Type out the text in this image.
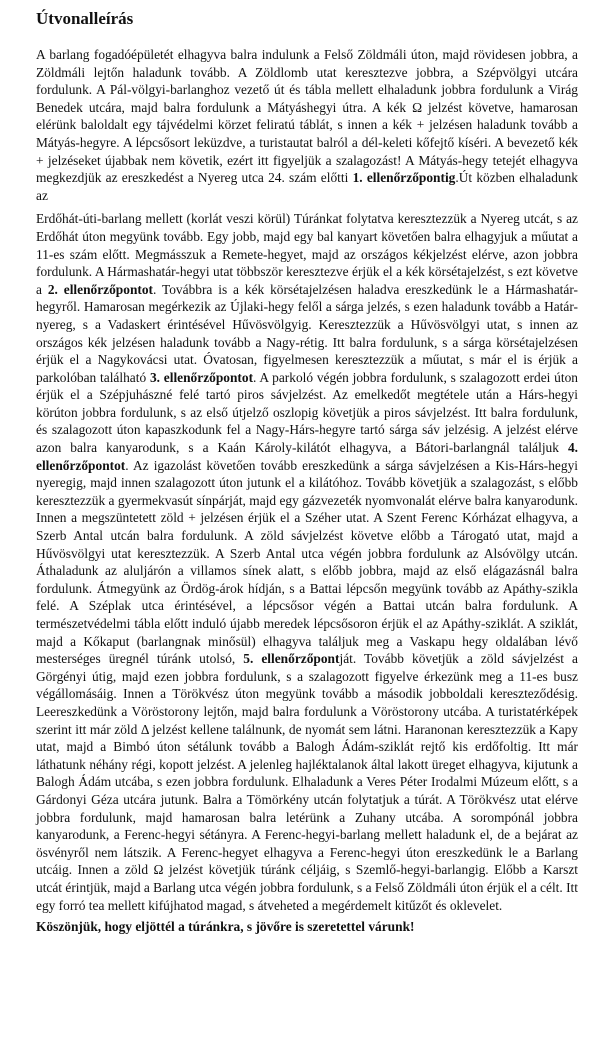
Útvonalleírás

A barlang fogadóépületét elhagyva balra indulunk a Felső Zöldmáli úton, majd rövidesen jobbra, a Zöldmáli lejtőn haladunk tovább. A Zöldlomb utat keresztezve jobbra, a Szépvölgyi utcára fordulunk. A Pál-völgyi-barlanghoz vezető út és tábla mellett elhaladunk jobbra fordulunk a Virág Benedek utcára, majd balra fordulunk a Mátyáshegyi útra. A kék Ω jelzést követve, hamarosan elérünk baloldalt egy tájvédelmi körzet feliratú táblát, s innen a kék + jelzésen haladunk tovább a Mátyás-hegyre. A lépcsősort leküzdve, a turistautat balról a dél-keleti kőfejtő kíséri. A bevezető kék + jelzéseket újabbak nem követik, ezért itt figyeljük a szalagozást! A Mátyás-hegy tetejét elhagyva megkezdjük az ereszkedést a Nyereg utca 24. szám előtti 1. ellenőrzőpontig.Út közben elhaladunk az

Erdőhát-úti-barlang mellett (korlát veszi körül) Túránkat folytatva keresztezzük a Nyereg utcát, s az Erdőhát úton megyünk tovább. Egy jobb, majd egy bal kanyart követően balra elhagyjuk a műutat a 11-es szám előtt. Megmásszuk a Remete-hegyet, majd az országos kékjelzést elérve, azon jobbra fordulunk. A Hármashatár-hegyi utat többször keresztezve érjük el a kék körsétajelzést, s ezt követve a 2. ellenőrzőpontot. Továbbra is a kék körsétajelzésen haladva ereszkedünk le a Hármashatár-hegyről. Hamarosan megérkezik az Újlaki-hegy felől a sárga jelzés, s ezen haladunk tovább a Határ-nyereg, s a Vadaskert érintésével Hűvösvölgyig. Keresztezzük a Hűvösvölgyi utat, s innen az országos kék jelzésen haladunk tovább a Nagy-rétig. Itt balra fordulunk, s a sárga körsétajelzésen érjük el a Nagykovácsi utat. Óvatosan, figyelmesen keresztezzük a műutat, s már el is érjük a parkolóban található 3. ellenőrzőpontot. A parkoló végén jobbra fordulunk, s szalagozott erdei úton érjük el a Szépjuhászné felé tartó piros sávjelzést. Az emelkedőt megtétele után a Hárs-hegyi körúton jobbra fordulunk, s az első útjelző oszlopig követjük a piros sávjelzést. Itt balra fordulunk, és szalagozott úton kapaszkodunk fel a Nagy-Hárs-hegyre tartó sárga sáv jelzésig. A jelzést elérve azon balra kanyarodunk, s a Kaán Károly-kilátót elhagyva, a Bátori-barlangnál találjuk 4. ellenőrzőpontot. Az igazolást követően tovább ereszkedünk a sárga sávjelzésen a Kis-Hárs-hegyi nyeregig, majd innen szalagozott úton jutunk el a kilátóhoz. Tovább követjük a szalagozást, s előbb keresztezzük a gyermekvasút sínpárját, majd egy gázvezeték nyomvonalát elérve balra kanyarodunk. Innen a megszüntetett zöld + jelzésen érjük el a Széher utat. A Szent Ferenc Kórházat elhagyva, a Szerb Antal utcán balra fordulunk. A zöld sávjelzést követve előbb a Tárogató utat, majd a Hűvösvölgyi utat keresztezzük. A Szerb Antal utca végén jobbra fordulunk az Alsóvölgy utcán. Áthaladunk az aluljárón a villamos sínek alatt, s előbb jobbra, majd az első elágazásnál balra fordulunk. Átmegyünk az Ördög-árok hídján, s a Battai lépcsőn megyünk tovább az Apáthy-szikla felé. A Széplak utca érintésével, a lépcsősor végén a Battai utcán balra fordulunk. A természetvédelmi tábla előtt induló újabb meredek lépcsősoron érjük el az Apáthy-sziklát. A sziklát, majd a Kőkaput (barlangnak minősül) elhagyva találjuk meg a Vaskapu hegy oldalában lévő mesterséges üregnél túránk utolsó, 5. ellenőrzőpontját. Tovább követjük a zöld sávjelzést a Görgényi útig, majd ezen jobbra fordulunk, s a szalagozott figyelve érkezünk meg a 11-es busz végállomásáig. Innen a Törökvész úton megyünk tovább a második jobboldali kereszteződésig. Leereszkedünk a Vöröstorony lejtőn, majd balra fordulunk a Vöröstorony utcába. A turistatérképek szerint itt már zöld Δ jelzést kellene találnunk, de nyomát sem látni. Haranonan keresztezzük a Kapy utat, majd a Bimbó úton sétálunk tovább a Balogh Ádám-sziklát rejtő kis erdőfoltig. Itt már láthatunk néhány régi, kopott jelzést. A jelenleg hajléktalanok által lakott üreget elhagyva, kijutunk a Balogh Ádám utcába, s ezen jobbra fordulunk. Elhaladunk a Veres Péter Irodalmi Múzeum előtt, s a Gárdonyi Géza utcára jutunk. Balra a Tömörkény utcán folytatjuk a túrát. A Törökvész utat elérve jobbra fordulunk, majd hamarosan balra letérünk a Zuhany utcába. A sorompónál jobbra kanyarodunk, a Ferenc-hegyi sétányra. A Ferenc-hegyi-barlang mellett haladunk el, de a bejárat az ösvényről nem látszik. A Ferenc-hegyet elhagyva a Ferenc-hegyi úton ereszkedünk le a Barlang utcáig. Innen a zöld Ω jelzést követjük túránk céljáig, s Szemlő-hegyi-barlangig. Előbb a Karszt utcát érintjük, majd a Barlang utca végén jobbra fordulunk, s a Felső Zöldmáli úton érjük el a célt. Itt egy forró tea mellett kifújhatod magad, s átveheted a megérdemelt kitűzőt és oklevelet.

Köszönjük, hogy eljöttél a túránkra, s jövőre is szeretettel várunk!
